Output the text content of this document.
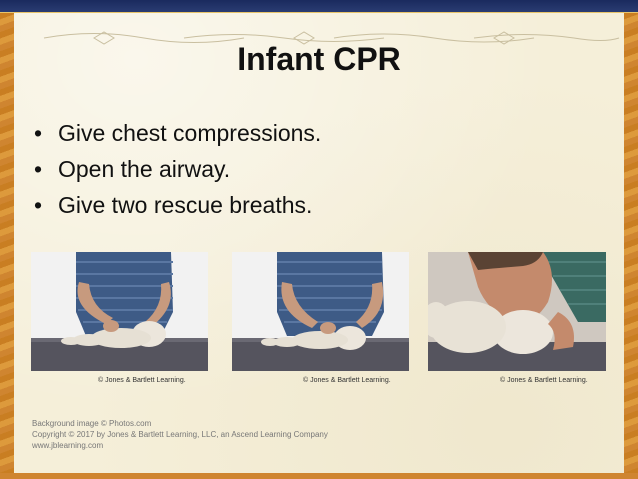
Infant CPR
• Give chest compressions.
• Open the airway.
• Give two rescue breaths.
© Jones & Bartlett Learning.	© Jones & Bartlett Learning.	© Jones & Bartlett Learning.
Background image © Photos.com
Copyright © 2017 by Jones & Bartlett Learning, LLC, an Ascend Learning Company
www.jblearning.com
